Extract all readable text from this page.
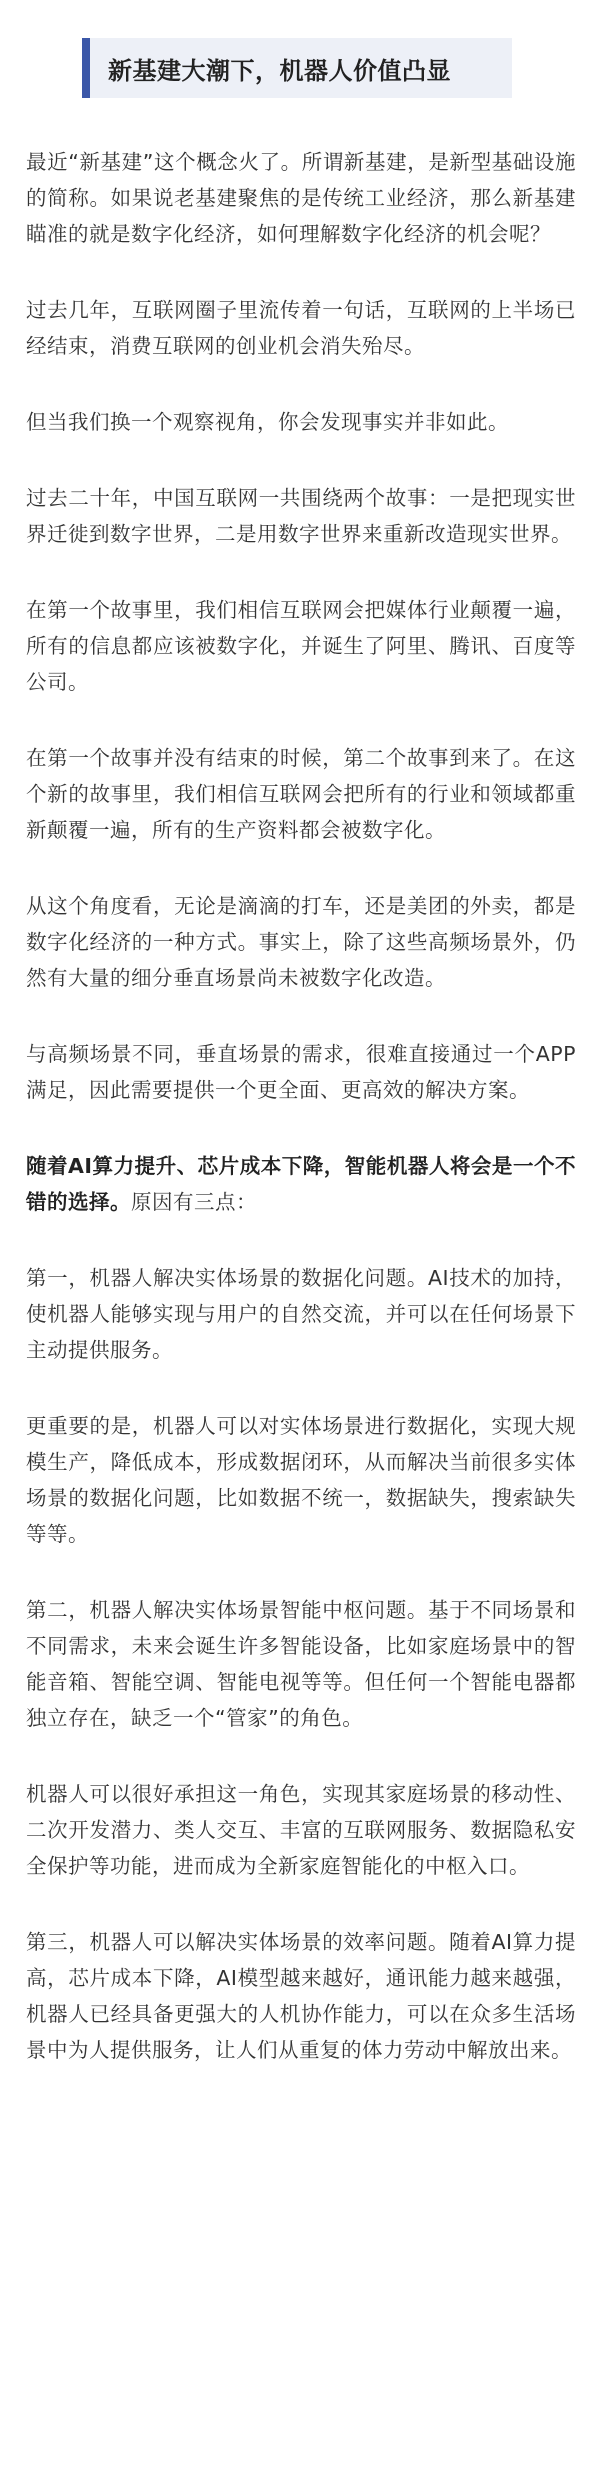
新基建大潮下，机器人价值凸显

最近“新基建”这个概念火了。所谓新基建，是新型基础设施的简称。如果说老基建聚焦的是传统工业经济，那么新基建瞄准的就是数字化经济，如何理解数字化经济的机会呢？

过去几年，互联网圈子里流传着一句话，互联网的上半场已经结束，消费互联网的创业机会消失殆尽。

但当我们换一个观察视角，你会发现事实并非如此。

过去二十年，中国互联网一共围绕两个故事：一是把现实世界迁徙到数字世界，二是用数字世界来重新改造现实世界。

在第一个故事里，我们相信互联网会把媒体行业颠覆一遍，所有的信息都应该被数字化，并诞生了阿里、腾讯、百度等公司。

在第一个故事并没有结束的时候，第二个故事到来了。在这个新的故事里，我们相信互联网会把所有的行业和领域都重新颠覆一遍，所有的生产资料都会被数字化。

从这个角度看，无论是滴滴的打车，还是美团的外卖，都是数字化经济的一种方式。事实上，除了这些高频场景外，仍然有大量的细分垂直场景尚未被数字化改造。

与高频场景不同，垂直场景的需求，很难直接通过一个APP满足，因此需要提供一个更全面、更高效的解决方案。

随着AI算力提升、芯片成本下降，智能机器人将会是一个不错的选择。原因有三点：

第一，机器人解决实体场景的数据化问题。AI技术的加持，使机器人能够实现与用户的自然交流，并可以在任何场景下主动提供服务。

更重要的是，机器人可以对实体场景进行数据化，实现大规模生产，降低成本，形成数据闭环，从而解决当前很多实体场景的数据化问题，比如数据不统一，数据缺失，搜索缺失等等。

第二，机器人解决实体场景智能中枢问题。基于不同场景和不同需求，未来会诞生许多智能设备，比如家庭场景中的智能音箱、智能空调、智能电视等等。但任何一个智能电器都独立存在，缺乏一个“管家”的角色。

机器人可以很好承担这一角色，实现其家庭场景的移动性、二次开发潜力、类人交互、丰富的互联网服务、数据隐私安全保护等功能，进而成为全新家庭智能化的中枢入口。

第三，机器人可以解决实体场景的效率问题。随着AI算力提高，芯片成本下降，AI模型越来越好，通讯能力越来越强，机器人已经具备更强大的人机协作能力，可以在众多生活场景中为人提供服务，让人们从重复的体力劳动中解放出来。
